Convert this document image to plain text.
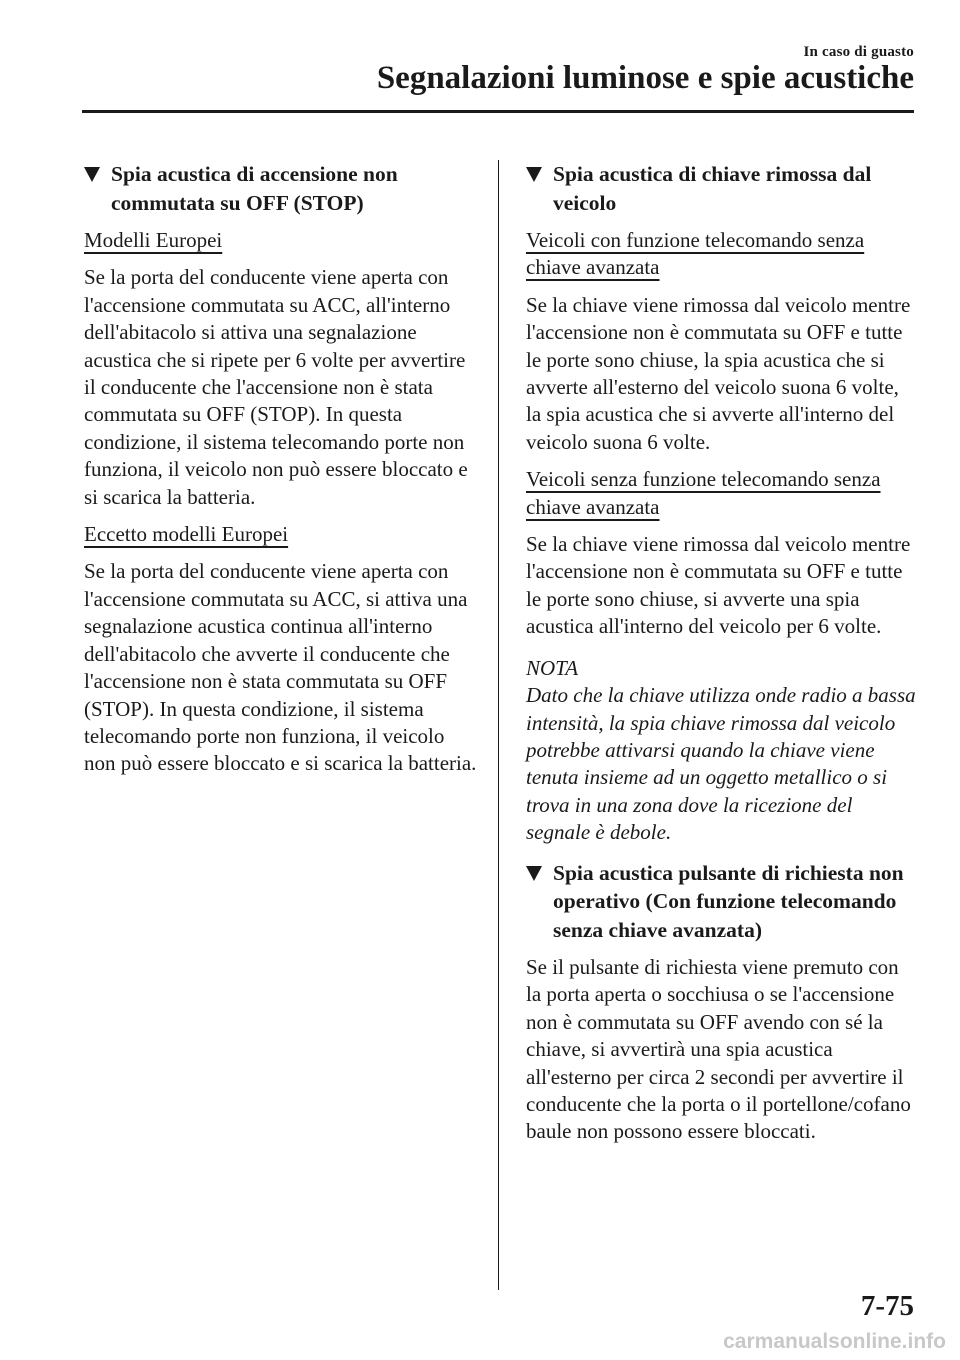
In caso di guasto
Segnalazioni luminose e spie acustiche
Spia acustica di accensione non commutata su OFF (STOP)
Modelli Europei

Se la porta del conducente viene aperta con l'accensione commutata su ACC, all'interno dell'abitacolo si attiva una segnalazione acustica che si ripete per 6 volte per avvertire il conducente che l'accensione non è stata commutata su OFF (STOP). In questa condizione, il sistema telecomando porte non funziona, il veicolo non può essere bloccato e si scarica la batteria.

Eccetto modelli Europei

Se la porta del conducente viene aperta con l'accensione commutata su ACC, si attiva una segnalazione acustica continua all'interno dell'abitacolo che avverte il conducente che l'accensione non è stata commutata su OFF (STOP). In questa condizione, il sistema telecomando porte non funziona, il veicolo non può essere bloccato e si scarica la batteria.

Spia acustica di chiave rimossa dal veicolo
Veicoli con funzione telecomando senza chiave avanzata

Se la chiave viene rimossa dal veicolo mentre l'accensione non è commutata su OFF e tutte le porte sono chiuse, la spia acustica che si avverte all'esterno del veicolo suona 6 volte, la spia acustica che si avverte all'interno del veicolo suona 6 volte.

Veicoli senza funzione telecomando senza chiave avanzata

Se la chiave viene rimossa dal veicolo mentre l'accensione non è commutata su OFF e tutte le porte sono chiuse, si avverte una spia acustica all'interno del veicolo per 6 volte.

NOTA

Dato che la chiave utilizza onde radio a bassa intensità, la spia chiave rimossa dal veicolo potrebbe attivarsi quando la chiave viene tenuta insieme ad un oggetto metallico o si trova in una zona dove la ricezione del segnale è debole.

Spia acustica pulsante di richiesta non operativo (Con funzione telecomando senza chiave avanzata)

Se il pulsante di richiesta viene premuto con la porta aperta o socchiusa o se l'accensione non è commutata su OFF avendo con sé la chiave, si avvertirà una spia acustica all'esterno per circa 2 secondi per avvertire il conducente che la porta o il portellone/cofano baule non possono essere bloccati.

7-75
carmanualsonline.info
